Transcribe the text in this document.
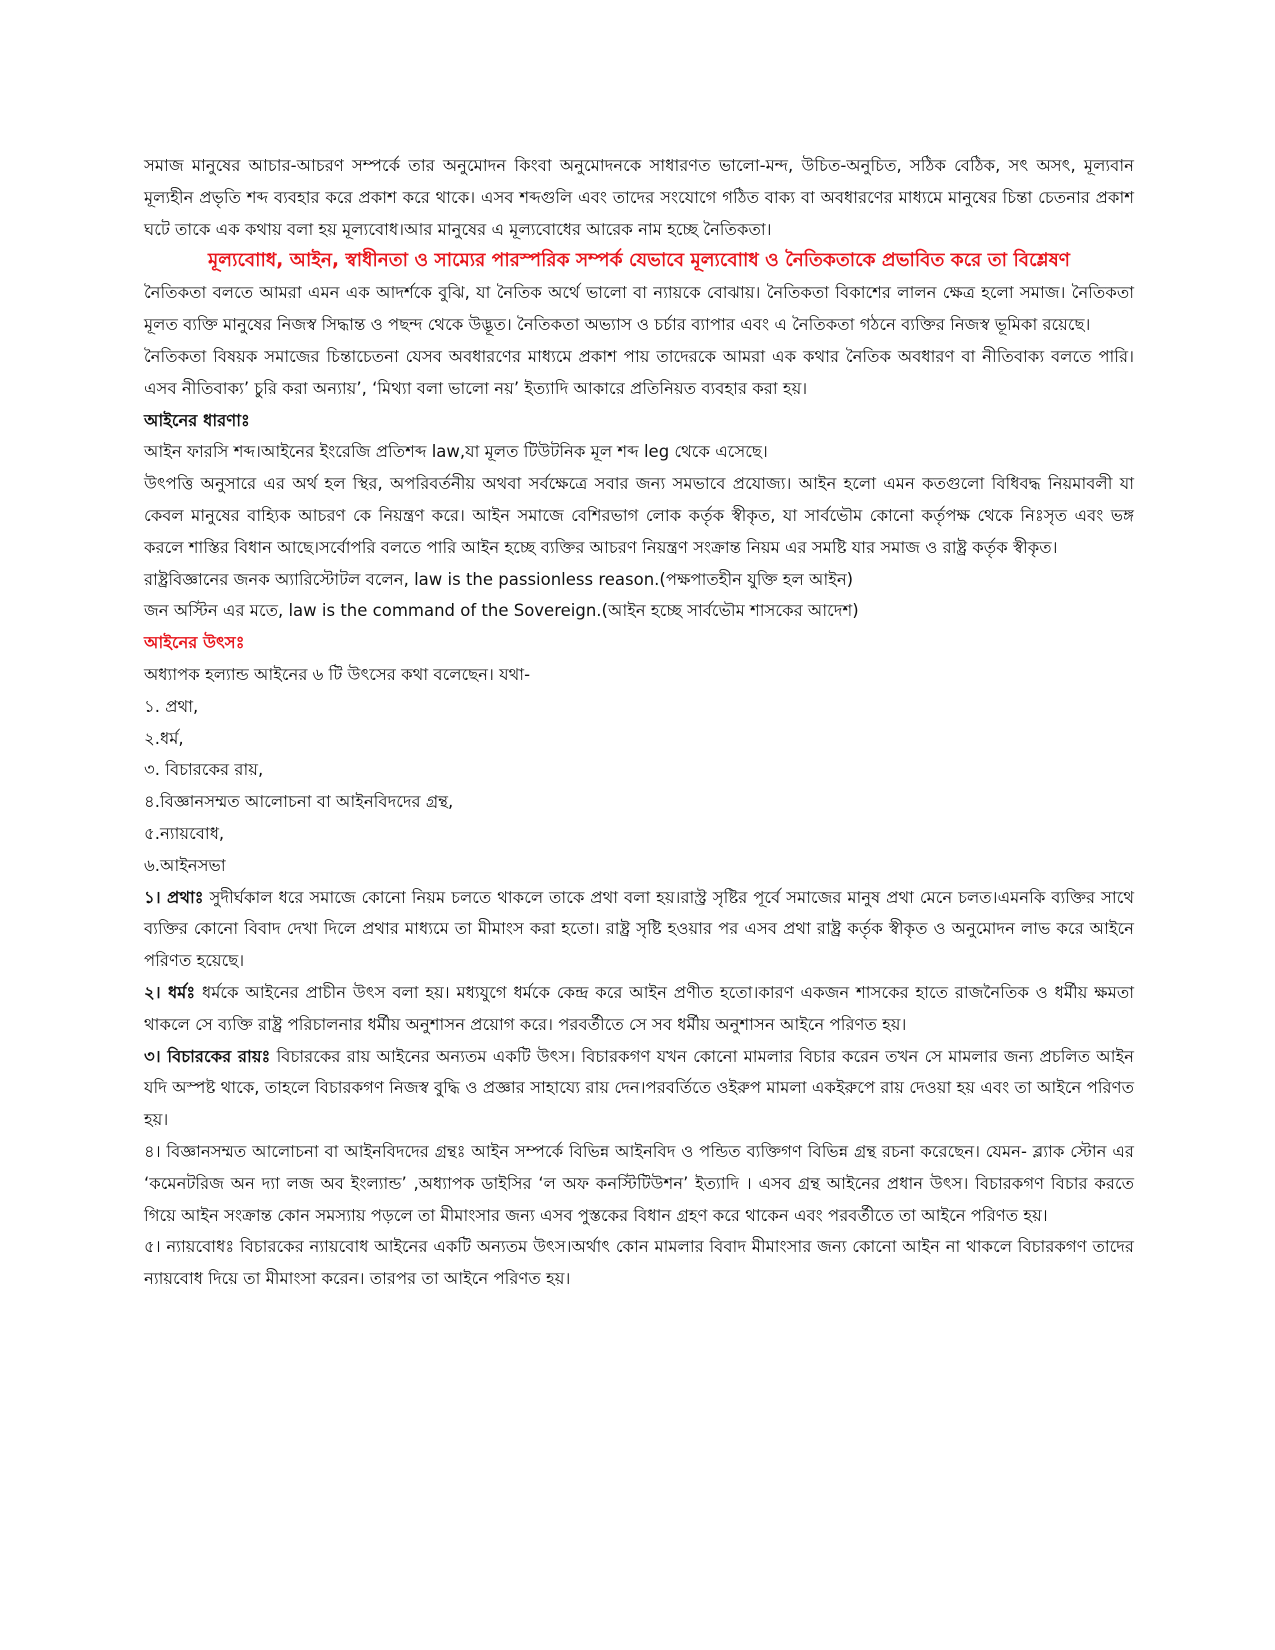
সমাজ মানুষের আচার-আচরণ সম্পর্কে তার অনুমোদন কিংবা অনুমোদনকে সাধারণত ভালো-মন্দ, উচিত-অনুচিত, সঠিক বেঠিক, সৎ অসৎ, মূল্যবান মূল্যহীন প্রভৃতি শব্দ ব্যবহার করে প্রকাশ করে থাকে। এসব শব্দগুলি এবং তাদের সংযোগে গঠিত বাক্য বা অবধারণের মাধ্যমে মানুষের চিন্তা চেতনার প্রকাশ ঘটে তাকে এক কথায় বলা হয় মূল্যবোধ।আর মানুষের এ মূল্যবোধের আরেক নাম হচ্ছে নৈতিকতা।

মূল্যবাোধ, আইন, স্বাধীনতা ও সাম্যের পারস্পরিক সম্পর্ক যেভাবে মূল্যবাোধ ও নৈতিকতাকে প্রভাবিত করে তা বিশ্লেষণ

নৈতিকতা বলতে আমরা এমন এক আদর্শকে বুঝি, যা নৈতিক অর্থে ভালো বা ন্যায়কে বোঝায়। নৈতিকতা বিকাশের লালন ক্ষেত্র হলো সমাজ। নৈতিকতা মূলত ব্যক্তি মানুষের নিজস্ব সিদ্ধান্ত ও পছন্দ থেকে উদ্ভূত। নৈতিকতা অভ্যাস ও চর্চার ব্যাপার এবং এ নৈতিকতা গঠনে ব্যক্তির নিজস্ব ভূমিকা রয়েছে।

নৈতিকতা বিষয়ক সমাজের চিন্তাচেতনা যেসব অবধারণের মাধ্যমে প্রকাশ পায় তাদেরকে আমরা এক কথার নৈতিক অবধারণ বা নীতিবাক্য বলতে পারি।এসব নীতিবাক্য’ চুরি করা অন্যায়’, ‘মিথ্যা বলা ভালো নয়’ ইত্যাদি আকারে প্রতিনিয়ত ব্যবহার করা হয়।

আইনের ধারণাঃ

আইন ফারসি শব্দ।আইনের ইংরেজি প্রতিশব্দ law,যা মূলত টিউটনিক মূল শব্দ leg থেকে এসেছে।

উৎপত্তি অনুসারে এর অর্থ হল স্থির, অপরিবর্তনীয় অথবা সর্বক্ষেত্রে সবার জন্য সমভাবে প্রযোজ্য। আইন হলো এমন কতগুলো বিধিবদ্ধ নিয়মাবলী যা কেবল মানুষের বাহ্যিক আচরণ কে নিয়ন্ত্রণ করে। আইন সমাজে বেশিরভাগ লোক কর্তৃক স্বীকৃত, যা সার্বভৌম কোনো কর্তৃপক্ষ থেকে নিঃসৃত এবং ভঙ্গ করলে শাস্তির বিধান আছে।সর্বোপরি বলতে পারি আইন হচ্ছে ব্যক্তির আচরণ নিয়ন্ত্রণ সংক্রান্ত নিয়ম এর সমষ্টি যার সমাজ ও রাষ্ট্র কর্তৃক স্বীকৃত।

রাষ্ট্রবিজ্ঞানের জনক অ্যারিস্টোটল বলেন, law is the passionless reason.(পক্ষপাতহীন যুক্তি হল আইন)

জন অস্টিন এর মতে, law is the command of the Sovereign.(আইন হচ্ছে সার্বভৌম শাসকের আদেশ)

আইনের উৎসঃ

অধ্যাপক হল্যান্ড আইনের ৬ টি উৎসের কথা বলেছেন। যথা-

১. প্রথা,

২.ধর্ম,

৩. বিচারকের রায়,

৪.বিজ্ঞানসম্মত আলোচনা বা আইনবিদদের গ্রন্থ,

৫.ন্যায়বোধ,

৬.আইনসভা

১। প্রথাঃ সুদীর্ঘকাল ধরে সমাজে কোনো নিয়ম চলতে থাকলে তাকে প্রথা বলা হয়।রাস্ট্র সৃষ্টির পূর্বে সমাজের মানুষ প্রথা মেনে চলত।এমনকি ব্যক্তির সাথে ব্যক্তির কোনো বিবাদ দেখা দিলে প্রথার মাধ্যমে তা মীমাংস করা হতো। রাষ্ট্র সৃষ্টি হওয়ার পর এসব প্রথা রাষ্ট্র কর্তৃক স্বীকৃত ও অনুমোদন লাভ করে আইনে পরিণত হয়েছে।

২। ধর্মঃ ধর্মকে আইনের প্রাচীন উৎস বলা হয়। মধ্যযুগে ধর্মকে কেন্দ্র করে আইন প্রণীত হতো।কারণ একজন শাসকের হাতে রাজনৈতিক ও ধর্মীয় ক্ষমতা থাকলে সে ব্যক্তি রাষ্ট্র পরিচালনার ধর্মীয় অনুশাসন প্রয়োগ করে। পরবর্তীতে সে সব ধর্মীয় অনুশাসন আইনে পরিণত হয়।

৩। বিচারকের রায়ঃ বিচারকের রায় আইনের অন্যতম একটি উৎস। বিচারকগণ যখন কোনো মামলার বিচার করেন তখন সে মামলার জন্য প্রচলিত আইন যদি অস্পষ্ট থাকে, তাহলে বিচারকগণ নিজস্ব বুদ্ধি ও প্রজ্ঞার সাহায্যে রায় দেন।পরবর্তিতে ওইরুপ মামলা একইরুপে রায় দেওয়া হয় এবং তা আইনে পরিণত হয়।

৪। বিজ্ঞানসম্মত আলোচনা বা আইনবিদদের গ্রন্থঃ আইন সম্পর্কে বিভিন্ন আইনবিদ ও পন্ডিত ব্যক্তিগণ বিভিন্ন গ্রন্থ রচনা করেছেন। যেমন- ব্ল্যাক স্টোন এর ‘কমেনটরিজ অন দ্যা লজ অব ইংল্যান্ড’ ,অধ্যাপক ডাইসির ‘ল অফ কনস্টিটিউশন’ ইত্যাদি । এসব গ্রন্থ আইনের প্রধান উৎস। বিচারকগণ বিচার করতে গিয়ে আইন সংক্রান্ত কোন সমস্যায় পড়লে তা মীমাংসার জন্য এসব পুস্তকের বিধান গ্রহণ করে থাকেন এবং পরবর্তীতে তা আইনে পরিণত হয়।

৫। ন্যায়বোধঃ বিচারকের ন্যায়বোধ আইনের একটি অন্যতম উৎস।অর্থাৎ কোন মামলার বিবাদ মীমাংসার জন্য কোনো আইন না থাকলে বিচারকগণ তাদের ন্যায়বোধ দিয়ে তা মীমাংসা করেন। তারপর তা আইনে পরিণত হয়।
